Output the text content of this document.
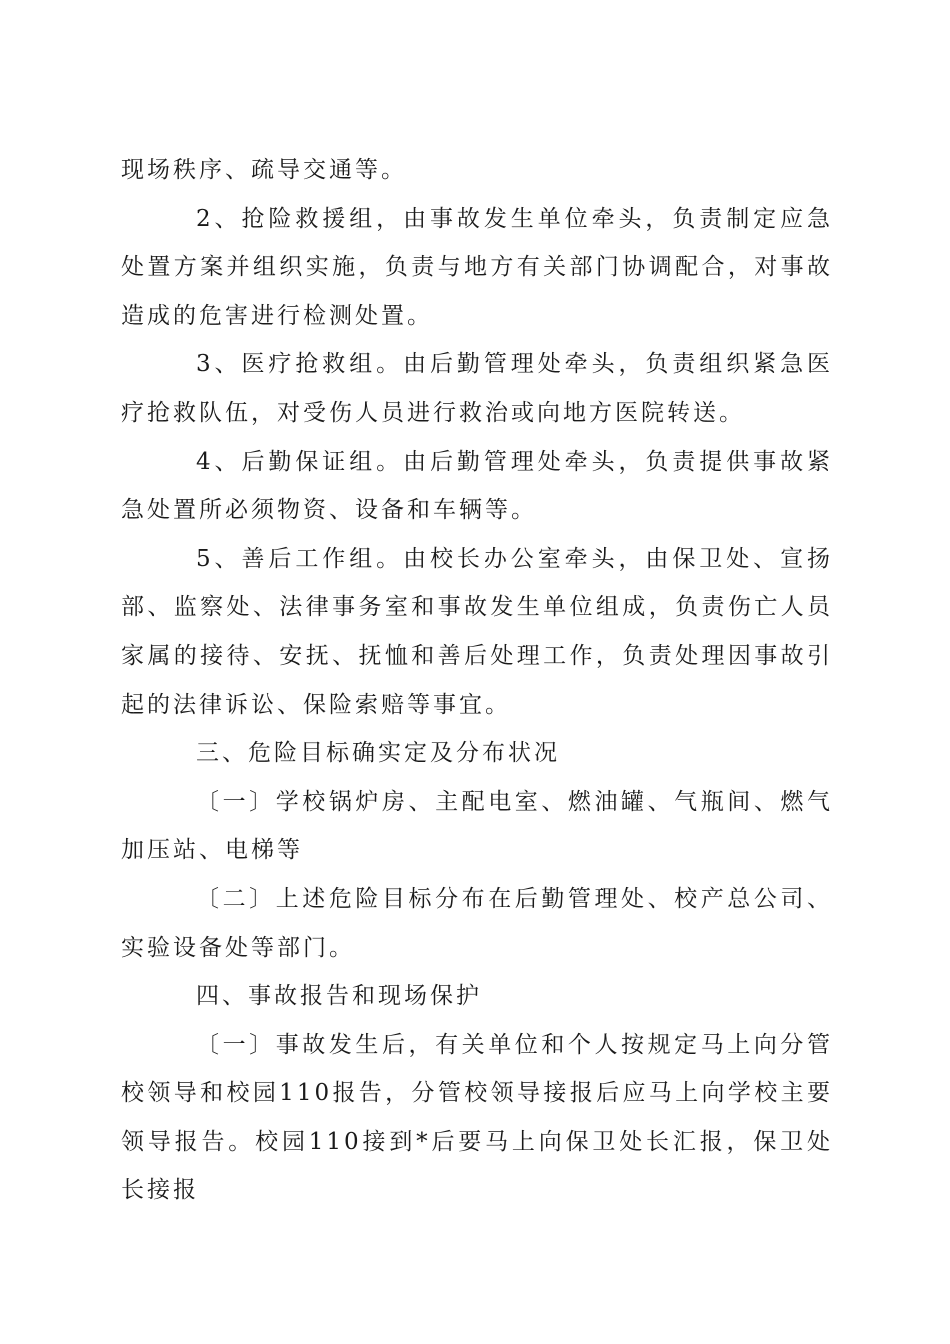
现场秩序、疏导交通等。

2、抢险救援组，由事故发生单位牵头，负责制定应急处置方案并组织实施，负责与地方有关部门协调配合，对事故造成的危害进行检测处置。

3、医疗抢救组。由后勤管理处牵头，负责组织紧急医疗抢救队伍，对受伤人员进行救治或向地方医院转送。

4、后勤保证组。由后勤管理处牵头，负责提供事故紧急处置所必须物资、设备和车辆等。

5、善后工作组。由校长办公室牵头，由保卫处、宣扬部、监察处、法律事务室和事故发生单位组成，负责伤亡人员家属的接待、安抚、抚恤和善后处理工作，负责处理因事故引起的法律诉讼、保险索赔等事宜。

三、危险目标确实定及分布状况

〔一〕学校锅炉房、主配电室、燃油罐、气瓶间、燃气加压站、电梯等

〔二〕上述危险目标分布在后勤管理处、校产总公司、实验设备处等部门。

四、事故报告和现场保护

〔一〕事故发生后，有关单位和个人按规定马上向分管校领导和校园110报告，分管校领导接报后应马上向学校主要领导报告。校园110接到*后要马上向保卫处长汇报，保卫处长接报
